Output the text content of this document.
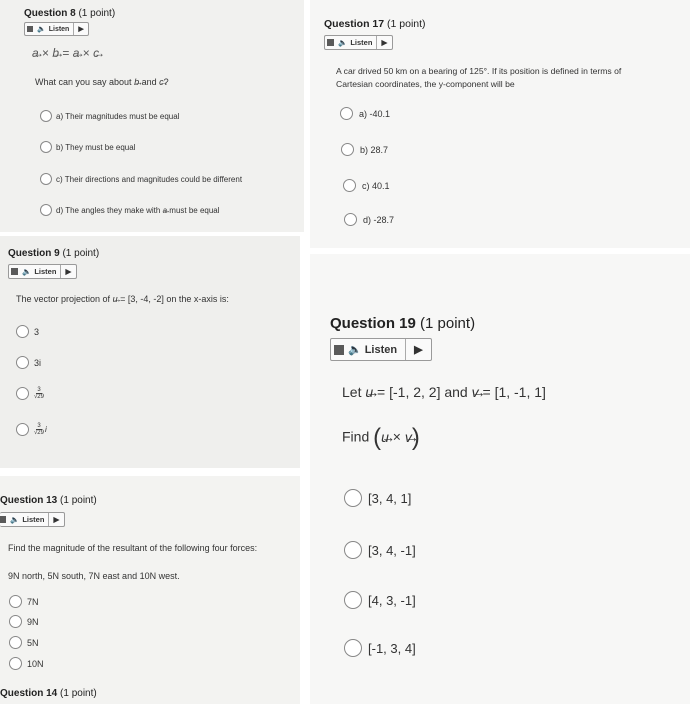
Question 8 (1 point)
🔈 Listen ▶
→ a × → b = → a × → c
What can you say about → b and → c?
a) Their magnitudes must be equal
b) They must be equal
c) Their directions and magnitudes could be different
d) The angles they make with
→ a
must be equal
Question 17 (1 point)
🔈 Listen ▶
A car drived 50 km on a bearing of 125°. If its position is defined in terms of
Cartesian coordinates, the y-component will be
a) -40.1
b) 28.7
c) 40.1
d) -28.7
Question 9 (1 point)
🔈 Listen ▶
The vector projection of → u = [3, -4, -2] on the x-axis is:
3
3i
$\frac{3}{√29}$
$\frac{3}{√29}$ i
Question 19 (1 point)
🔈 Listen ▶
Let → u = [-1, 2, 2] and → v = [1, -1, 1]
Find (→ u × → v)
[3, 4, 1]
[3, 4, -1]
[4, 3, -1]
[-1, 3, 4]
Question 13 (1 point)
🔈 Listen ▶
Find the magnitude of the resultant of the following four forces:
9N north, 5N south, 7N east and 10N west.
7N
9N
5N
10N
Question 14 (1 point)
